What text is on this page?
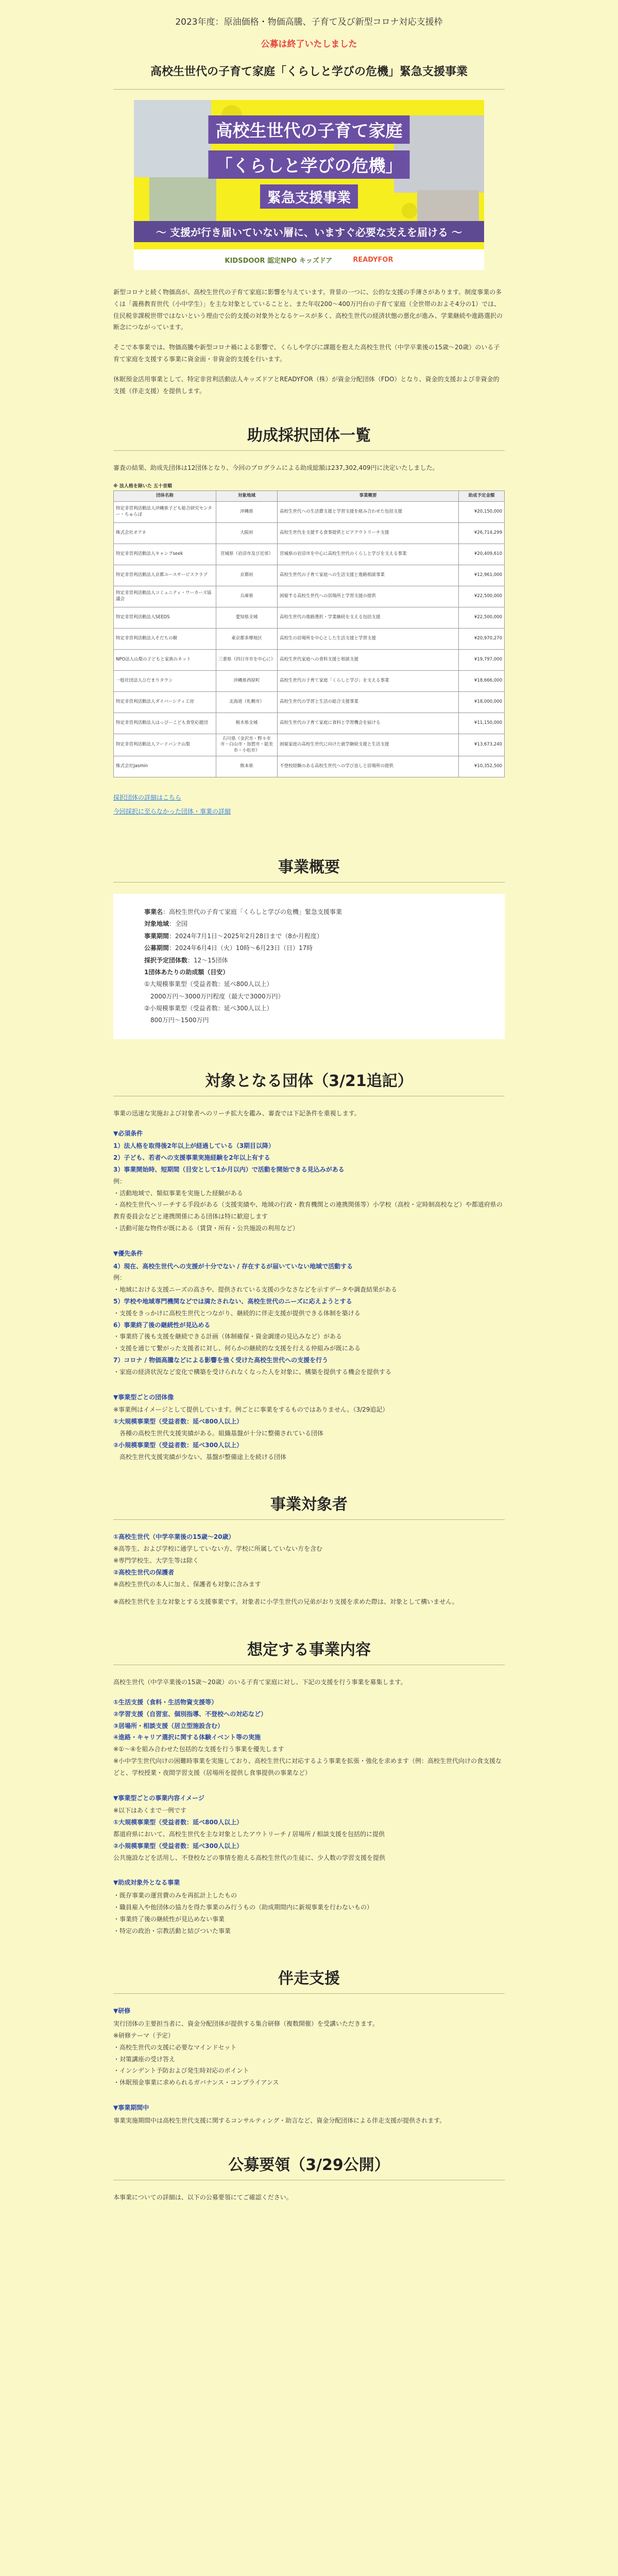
2023年度：原油価格・物価高騰、子育て及び新型コロナ対応支援枠
公募は終了いたしました
高校生世代の子育て家庭「くらしと学びの危機」緊急支援事業
高校生世代の子育て家庭
「くらしと学びの危機」
緊急支援事業
〜 支援が行き届いていない層に、いますぐ必要な支えを届ける 〜
KIDSDOOR 認定NPO キッズドア	READYFOR

新型コロナと続く物価高が、高校生世代の子育て家庭に影響を与えています。背景の一つに、公的な支援の手薄さがあります。制度事業の多くは「義務教育世代（小中学生）」を主な対象としていることと、また年収200〜400万円台の子育て家庭（全世帯のおよそ4分の1）では、住民税非課税世帯ではないという理由で公的支援の対象外となるケースが多く、高校生世代の経済状態の悪化が進み、学業継続や進路選択の断念につながっています。

そこで本事業では、物価高騰や新型コロナ禍による影響で、くらしや学びに課題を抱えた高校生世代（中学卒業後の15歳〜20歳）のいる子育て家庭を支援する事業に資金面・非資金的支援を行います。

休眠預金活用事業として、特定非営利活動法人キッズドアとREADYFOR（株）が資金分配団体（FDO）となり、資金的支援および非資金的支援（伴走支援）を提供します。

助成採択団体一覧

審査の結果、助成先団体は12団体となり、今回のプログラムによる助成総額は237,302,409円に決定いたしました。

※ 法人格を除いた 五十音順
団体名称	対象地域	事業概要	助成予定金額
特定非営利活動法人沖縄県子ども総合研究センター・ちゅらぼ	沖縄県	高校生世代への生活費支援と学習支援を組み合わせた包括支援	¥20,150,000
株式会社オアネ	大阪府	高校生世代を支援する食事提供とピアアウトリーチ支援	¥26,714,299
特定非営利活動法人キャンプseek	宮城県（岩沼市及び近郊）	宮城県の岩沼市を中心に高校生世代のくらしと学びを支える事業	¥20,409,610
特定非営利活動法人京都ユースサービスクラブ	京都府	高校生世代の子育て家庭への生活支援と進路相談事業	¥12,961,000
特定非営利活動法人コミュニティ・ワーカーズ協議会	兵庫県	困窮する高校生世代への居場所と学習支援の提供	¥22,500,000
特定非営利活動法人SEEDS	愛知県全域	高校生世代の進路選択・学業継続を支える包括支援	¥22,500,000
特定非営利活動法人そだちの樹	東京都多摩地区	高校生の居場所を中心とした生活支援と学習支援	¥20,970,270
NPO法人山梨の子どもと家族のネット	三重県（四日市市を中心に）	高校生世代家庭への食料支援と相談支援	¥19,797,000
一般社団法人ひだまりタウン	沖縄県西原町	高校生世代の子育て家庭「くらしと学び」を支える事業	¥18,666,000
特定非営利活動法人ダイバーシティ工房	北海道（札幌市）	高校生世代の学習と生活の総合支援事業	¥18,000,000
特定非営利活動法人はっぴーこども食堂応援団	栃木県全域	高校生世代の子育て家庭に食料と学習機会を届ける	¥11,150,000
特定非営利活動法人フードバンク山梨	石川県（金沢市・野々市市・白山市・加賀市・能美市・小松市）	困窮家庭の高校生世代に向けた就学継続支援と生活支援	¥13,673,240
株式会社Jasmin	熊本県	不登校経験のある高校生世代への学び直しと居場所の提供	¥10,352,500
採択団体の詳細はこちら
今回採択に至らなかった団体・事業の詳細
事業概要
事業名：高校生世代の子育て家庭「くらしと学びの危機」緊急支援事業
対象地域：全国
事業期間：2024年7月1日〜2025年2月28日まで（8か月程度）
公募期間：2024年6月4日（火）10時〜6月23日（日）17時
採択予定団体数：12〜15団体
1団体あたりの助成額（目安）
①大規模事業型（受益者数：延べ800人以上）
　2000万円〜3000万円程度（最大で3000万円）
②小規模事業型（受益者数：延べ300人以上）
　800万円〜1500万円
対象となる団体（3/21追記）

事業の迅速な実施および対象者へのリーチ拡大を鑑み、審査では下記条件を重視します。

▼必須条件
1）法人格を取得後2年以上が経過している（3期目以降）
2）子ども、若者への支援事業実施経験を2年以上有する
3）事業開始時、短期間（目安として1か月以内）で活動を開始できる見込みがある
例：
・活動地域で、類似事業を実施した経験がある
・高校生世代へリーチする手段がある（支援実績や、地域の行政・教育機関との連携関係等）小学校（高校・定時制高校など）や都道府県の教育委員会などと連携関係にある団体は特に歓迎します
・活動可能な物件が既にある（賃貸・所有・公共施設の利用など）
▼優先条件
4）現在、高校生世代への支援が十分でない / 存在するが届いていない地域で活動する
例：
・地域における支援ニーズの高さや、提供されている支援の少なさなどを示すデータや調査結果がある
5）学校や地域専門機関などでは満たされない、高校生世代のニーズに応えようとする
・支援をきっかけに高校生世代とつながり、継続的に伴走支援が提供できる体制を築ける
6）事業終了後の継続性が見込める
・事業終了後も支援を継続できる計画（体制確保・資金調達の見込みなど）がある
・支援を通じて繋がった支援者に対し、何らかの継続的な支援を行える仲組みが既にある
7）コロナ / 物価高騰などによる影響を強く受けた高校生世代への支援を行う
・家庭の経済状況など変化で構築を受けられなくなった人を対象に、構築を提供する機会を提供する
▼事業型ごとの団体像
※事業例はイメージとして提供しています。例ごとに事業をするものではありません。（3/29追記）
①大規模事業型（受益者数：延べ800人以上）
　各種の高校生世代支援実績がある。組織基盤が十分に整備されている団体
②小規模事業型（受益者数：延べ300人以上）
　高校生世代支援実績が少ない、基盤が整備途上を続ける団体
事業対象者
①高校生世代（中学卒業後の15歳〜20歳）
※高等生、および学校に通学していない方、学校に所属していない方を含む
※専門学校生、大学生等は除く
②高校生世代の保護者
※高校生世代の本人に加え、保護者も対象に含みます
※高校生世代を主な対象とする支援事業です。対象者に小学生世代の兄弟がおり支援を求めた際は、対象として構いません。
想定する事業内容

高校生世代（中学卒業後の15歳〜20歳）のいる子育て家庭に対し、下記の支援を行う事業を募集します。

①生活支援（食料・生活物資支援等）
②学習支援（自習室、個別指導、不登校への対応など）
③居場所・相談支援（居立型施設含む）
④進路・キャリア選択に関する体験イベント等の実施
※①〜④を組み合わせた包括的な支援を行う事業を優先します
※小中学生世代向けの困難時事業を実施しており、高校生世代に対応するよう事業を拡張・強化を求めます（例：高校生世代向けの食支援などと、学校授業・夜間学習支援（居場所を提供し食事提供の事業など）
▼事業型ごとの事業内容イメージ
※以下はあくまで一例です
①大規模事業型（受益者数：延べ800人以上）
都道府県において、高校生世代を主な対象としたアウトリーチ / 居場所 / 相談支援を包括的に提供
②小規模事業型（受益者数：延べ300人以上）
公共施設などを活用し、不登校などの事情を抱える高校生世代の生徒に、少人数の学習支援を提供
▼助成対象外となる事業
・既存事業の運営費のみを再拡計上したもの
・職員雇入や他団体の協力を得た事業のみ行うもの（助成期間内に新規事業を行わないもの）
・事業終了後の継続性が見込めない事業
・特定の政治・宗教活動と結びついた事業
伴走支援
▼研修
実行団体の主要担当者に、資金分配団体が提供する集合研修（複数開催）を受講いただきます。
※研修テーマ（予定）
・高校生世代の支援に必要なマインドセット
・対策講座の受け答え
・インシデント予防および発生時対応のポイント
・休眠預金事業に求められるガバナンス・コンプライアンス
▼事業期間中
事業実施期間中は高校生世代支援に関するコンサルティング・助言など、資金分配団体による伴走支援が提供されます。
公募要領（3/29公開）
本事業についての詳細は、以下の公募要領にてご確認ください。
